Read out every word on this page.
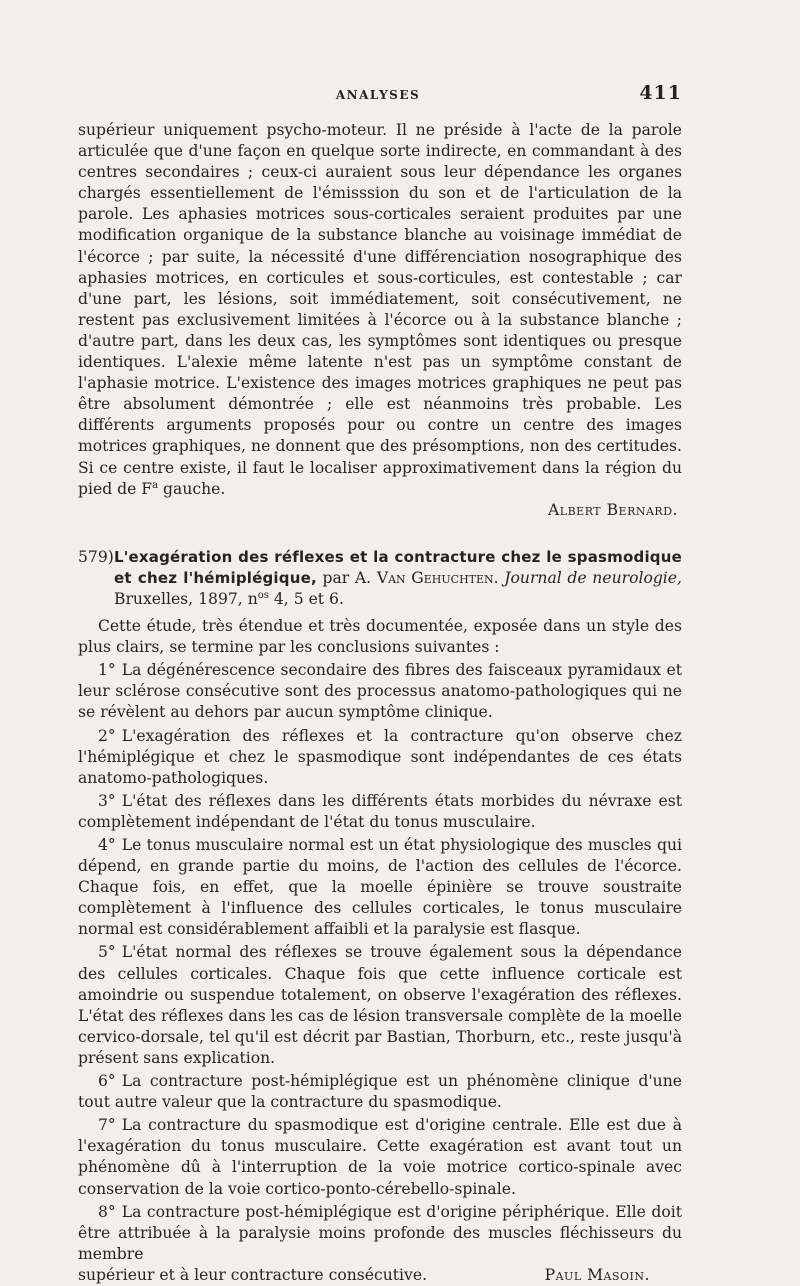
ANALYSES	411

supérieur uniquement psycho-moteur. Il ne préside à l'acte de la parole articulée que d'une façon en quelque sorte indirecte, en commandant à des centres secondaires ; ceux-ci auraient sous leur dépendance les organes chargés essentiellement de l'émisssion du son et de l'articulation de la parole. Les aphasies motrices sous-corticales seraient produites par une modification organique de la substance blanche au voisinage immédiat de l'écorce ; par suite, la nécessité d'une différenciation nosographique des aphasies motrices, en corticules et sous-corticules, est contestable ; car d'une part, les lésions, soit immédiatement, soit consécutivement, ne restent pas exclusivement limitées à l'écorce ou à la substance blanche ; d'autre part, dans les deux cas, les symptômes sont identiques ou presque identiques. L'alexie même latente n'est pas un symptôme constant de l'aphasie motrice. L'existence des images motrices graphiques ne peut pas être absolument démontrée ; elle est néanmoins très probable. Les différents arguments proposés pour ou contre un centre des images motrices graphiques, ne donnent que des présomptions, non des certitudes. Si ce centre existe, il faut le localiser approximativement dans la région du pied de $F^a$ gauche.

Albert Bernard.

579) L'exagération des réflexes et la contracture chez le spasmodique et chez l'hémiplégique, par A. Van Gehuchten. Journal de neurologie, Bruxelles, 1897, $n^{os}$ 4, 5 et 6.

Cette étude, très étendue et très documentée, exposée dans un style des plus clairs, se termine par les conclusions suivantes :

1° La dégénérescence secondaire des fibres des faisceaux pyramidaux et leur sclérose consécutive sont des processus anatomo-pathologiques qui ne se révèlent au dehors par aucun symptôme clinique.

2° L'exagération des réflexes et la contracture qu'on observe chez l'hémiplégique et chez le spasmodique sont indépendantes de ces états anatomo-pathologiques.

3° L'état des réflexes dans les différents états morbides du névraxe est complètement indépendant de l'état du tonus musculaire.

4° Le tonus musculaire normal est un état physiologique des muscles qui dépend, en grande partie du moins, de l'action des cellules de l'écorce. Chaque fois, en effet, que la moelle épinière se trouve soustraite complètement à l'influence des cellules corticales, le tonus musculaire normal est considérablement affaibli et la paralysie est flasque.

5° L'état normal des réflexes se trouve également sous la dépendance des cellules corticales. Chaque fois que cette influence corticale est amoindrie ou suspendue totalement, on observe l'exagération des réflexes. L'état des réflexes dans les cas de lésion transversale complète de la moelle cervico-dorsale, tel qu'il est décrit par Bastian, Thorburn, etc., reste jusqu'à présent sans explication.

6° La contracture post-hémiplégique est un phénomène clinique d'une tout autre valeur que la contracture du spasmodique.

7° La contracture du spasmodique est d'origine centrale. Elle est due à l'exagération du tonus musculaire. Cette exagération est avant tout un phénomène dû à l'interruption de la voie motrice cortico-spinale avec conservation de la voie cortico-ponto-cérebello-spinale.

8° La contracture post-hémiplégique est d'origine périphérique. Elle doit être attribuée à la paralysie moins profonde des muscles fléchisseurs du membre

supérieur et à leur contracture consécutive.	Paul Masoin.
